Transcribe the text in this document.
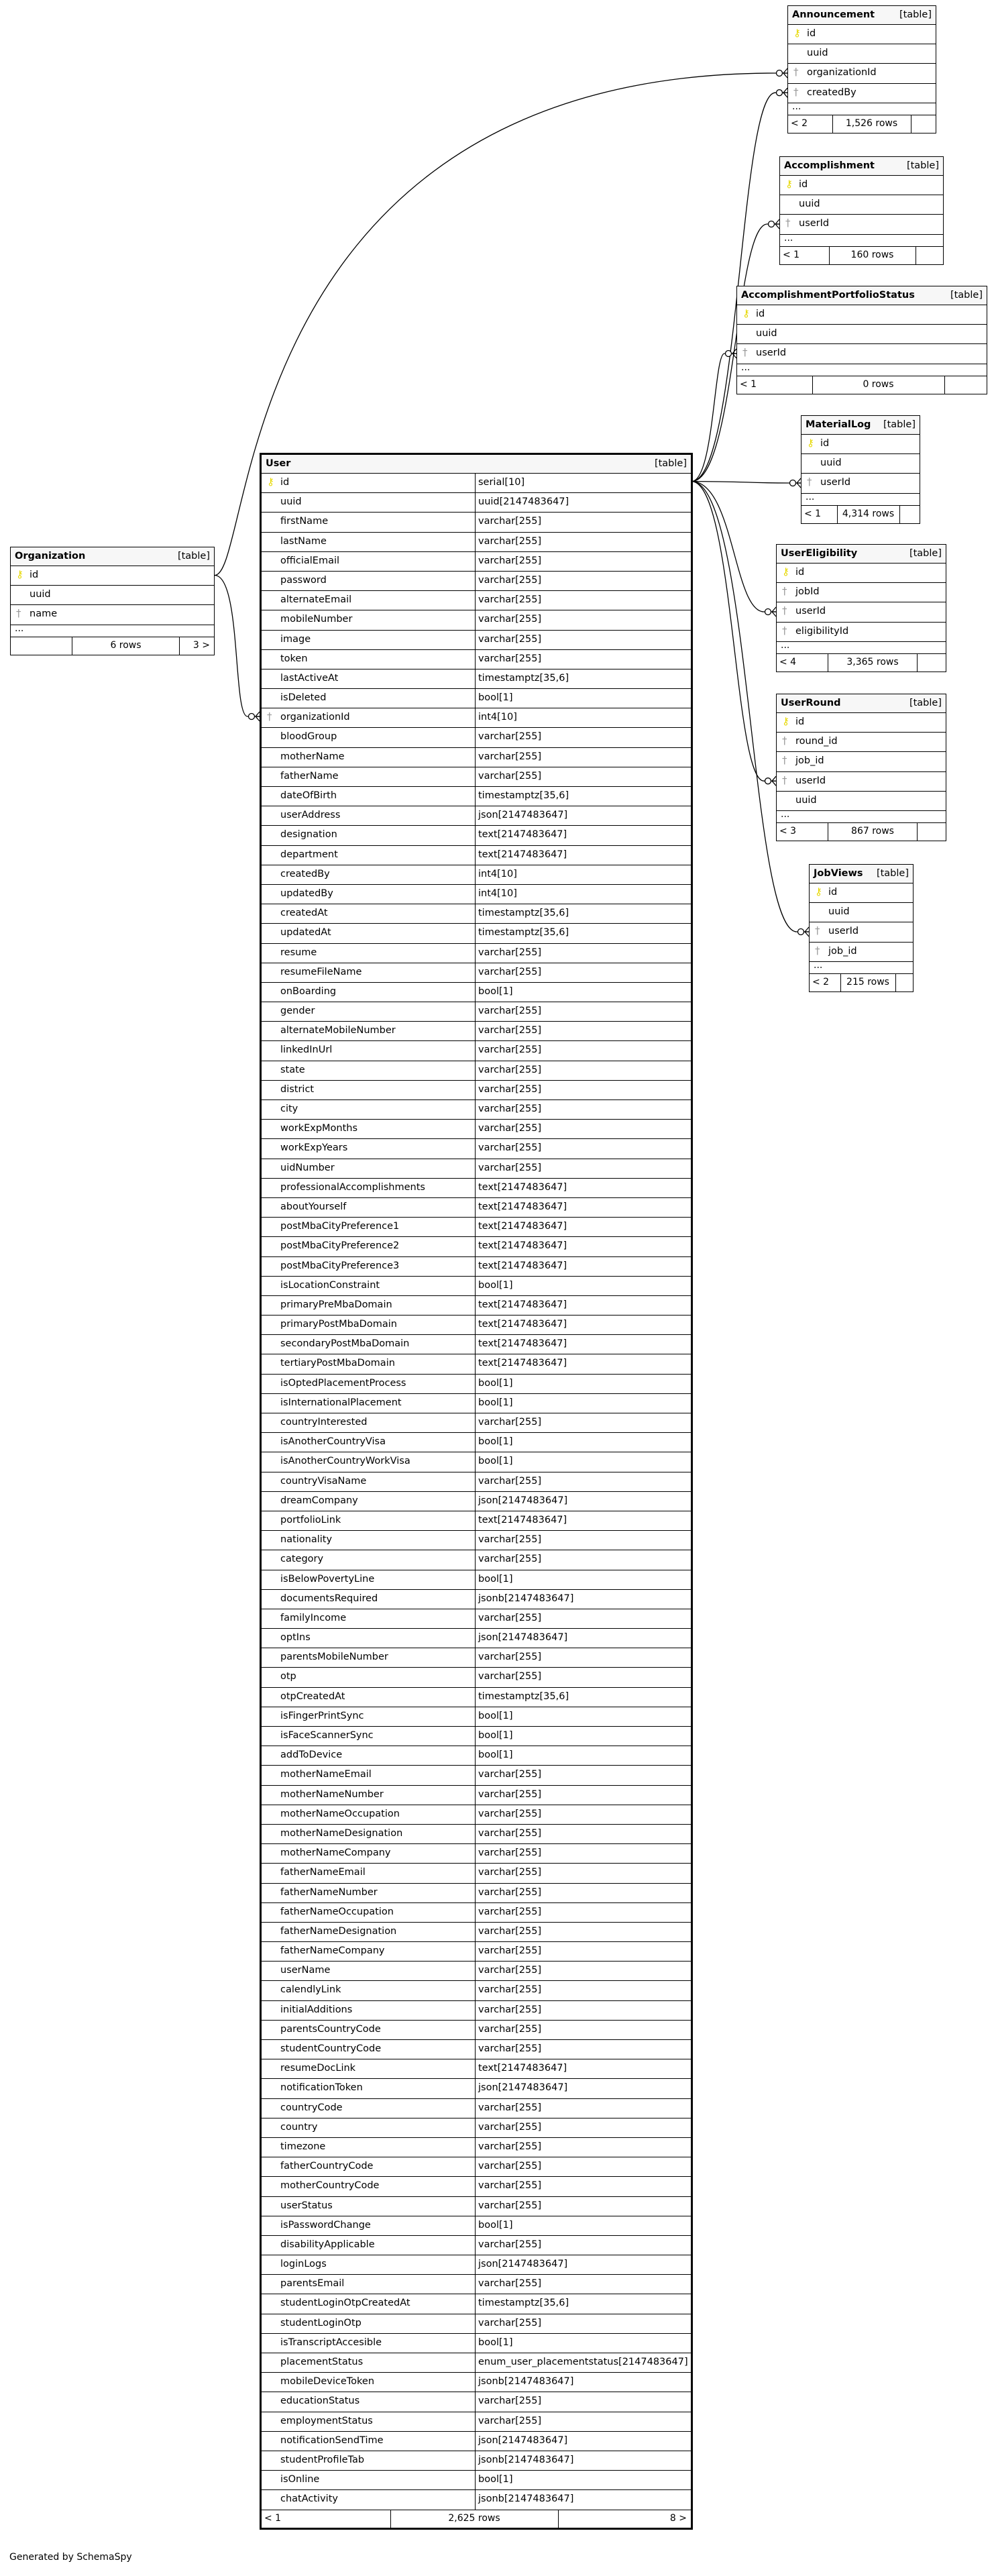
User	[table]
⚷ id	serial[10]
uuid	uuid[2147483647]
firstName	varchar[255]
lastName	varchar[255]
officialEmail	varchar[255]
password	varchar[255]
alternateEmail	varchar[255]
mobileNumber	varchar[255]
image	varchar[255]
token	varchar[255]
lastActiveAt	timestamptz[35,6]
isDeleted	bool[1]
† organizationId	int4[10]
bloodGroup	varchar[255]
motherName	varchar[255]
fatherName	varchar[255]
dateOfBirth	timestamptz[35,6]
userAddress	json[2147483647]
designation	text[2147483647]
department	text[2147483647]
createdBy	int4[10]
updatedBy	int4[10]
createdAt	timestamptz[35,6]
updatedAt	timestamptz[35,6]
resume	varchar[255]
resumeFileName	varchar[255]
onBoarding	bool[1]
gender	varchar[255]
alternateMobileNumber	varchar[255]
linkedInUrl	varchar[255]
state	varchar[255]
district	varchar[255]
city	varchar[255]
workExpMonths	varchar[255]
workExpYears	varchar[255]
uidNumber	varchar[255]
professionalAccomplishments	text[2147483647]
aboutYourself	text[2147483647]
postMbaCityPreference1	text[2147483647]
postMbaCityPreference2	text[2147483647]
postMbaCityPreference3	text[2147483647]
isLocationConstraint	bool[1]
primaryPreMbaDomain	text[2147483647]
primaryPostMbaDomain	text[2147483647]
secondaryPostMbaDomain	text[2147483647]
tertiaryPostMbaDomain	text[2147483647]
isOptedPlacementProcess	bool[1]
isInternationalPlacement	bool[1]
countryInterested	varchar[255]
isAnotherCountryVisa	bool[1]
isAnotherCountryWorkVisa	bool[1]
countryVisaName	varchar[255]
dreamCompany	json[2147483647]
portfolioLink	text[2147483647]
nationality	varchar[255]
category	varchar[255]
isBelowPovertyLine	bool[1]
documentsRequired	jsonb[2147483647]
familyIncome	varchar[255]
optIns	json[2147483647]
parentsMobileNumber	varchar[255]
otp	varchar[255]
otpCreatedAt	timestamptz[35,6]
isFingerPrintSync	bool[1]
isFaceScannerSync	bool[1]
addToDevice	bool[1]
motherNameEmail	varchar[255]
motherNameNumber	varchar[255]
motherNameOccupation	varchar[255]
motherNameDesignation	varchar[255]
motherNameCompany	varchar[255]
fatherNameEmail	varchar[255]
fatherNameNumber	varchar[255]
fatherNameOccupation	varchar[255]
fatherNameDesignation	varchar[255]
fatherNameCompany	varchar[255]
userName	varchar[255]
calendlyLink	varchar[255]
initialAdditions	varchar[255]
parentsCountryCode	varchar[255]
studentCountryCode	varchar[255]
resumeDocLink	text[2147483647]
notificationToken	json[2147483647]
countryCode	varchar[255]
country	varchar[255]
timezone	varchar[255]
fatherCountryCode	varchar[255]
motherCountryCode	varchar[255]
userStatus	varchar[255]
isPasswordChange	bool[1]
disabilityApplicable	varchar[255]
loginLogs	json[2147483647]
parentsEmail	varchar[255]
studentLoginOtpCreatedAt	timestamptz[35,6]
studentLoginOtp	varchar[255]
isTranscriptAccesible	bool[1]
placementStatus	enum_user_placementstatus[2147483647]
mobileDeviceToken	jsonb[2147483647]
educationStatus	varchar[255]
employmentStatus	varchar[255]
notificationSendTime	json[2147483647]
studentProfileTab	jsonb[2147483647]
isOnline	bool[1]
chatActivity	jsonb[2147483647]
< 1	2,625 rows	8 >
Organization	[table]
⚷ id
uuid
† name
...
6 rows	3 >
Announcement	[table]
⚷ id
uuid
† organizationId
† createdBy
...
< 2	1,526 rows
Accomplishment	[table]
⚷ id
uuid
† userId
...
< 1	160 rows
AccomplishmentPortfolioStatus	[table]
⚷ id
uuid
† userId
...
< 1	0 rows
MaterialLog [table]
⚷ id
uuid
† userId
...
< 1	4,314 rows
UserEligibility	[table]
⚷ id
† jobId
† userId
† eligibilityId
...
< 4	3,365 rows
UserRound	[table]
⚷ id
† round_id
† job_id
† userId
uuid
...
< 3	867 rows
JobViews [table]
⚷ id
uuid
† userId
† job_id
...
< 2	215 rows
Generated by SchemaSpy
